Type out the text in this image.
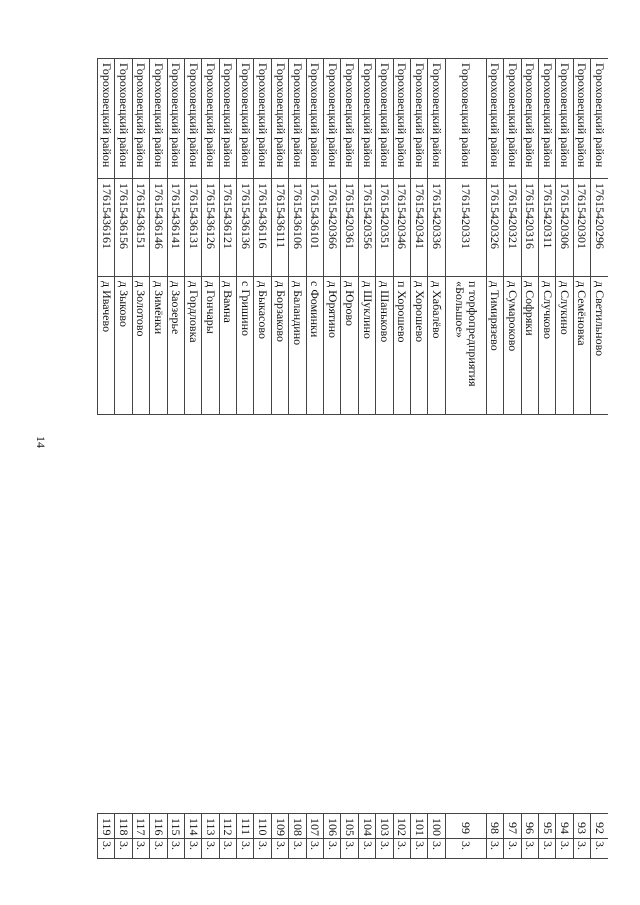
14
Гороховецкий район	17615420296	д Светильново					92	3.
Гороховецкий район	17615420301	д Семёновка					93	3.
Гороховецкий район	17615420306	д Слукино					94	3.
Гороховецкий район	17615420311	д Случково					95	3.
Гороховецкий район	17615420316	д Софряки					96	3.
Гороховецкий район	17615420321	д Сумароково					97	3.
Гороховецкий район	17615420326	д Тимирязево					98	3.
Гороховецкий район	17615420331	п торфопредприятия «Большое»					99	3.
Гороховецкий район	17615420336	д Хабалёво					100	3.
Гороховецкий район	17615420341	д Хорошево					101	3.
Гороховецкий район	17615420346	п Хорошево					102	3.
Гороховецкий район	17615420351	д Шаньково					103	3.
Гороховецкий район	17615420356	д Шуклино					104	3.
Гороховецкий район	17615420361	д Юрово					105	3.
Гороховецкий район	17615420366	д Юрятино					106	3.
Гороховецкий район	17615436101	с Фоминки					107	3.
Гороховецкий район	17615436106	д Баландино					108	3.
Гороховецкий район	17615436111	д Борзаково					109	3.
Гороховецкий район	17615436116	д Быкасово					110	3.
Гороховецкий район	17615436136	с Гришино					111	3.
Гороховецкий район	17615436121	д Вамна					112	3.
Гороховецкий район	17615436126	д Гончары					113	3.
Гороховецкий район	17615436131	д Гордловка					114	3.
Гороховецкий район	17615436141	д Заозерье					115	3.
Гороховецкий район	17615436146	д Зимёнки					116	3.
Гороховецкий район	17615436151	д Золотово					117	3.
Гороховецкий район	17615436156	д Зыково					118	3.
Гороховецкий район	17615436161	д Ивачево					119	3.
